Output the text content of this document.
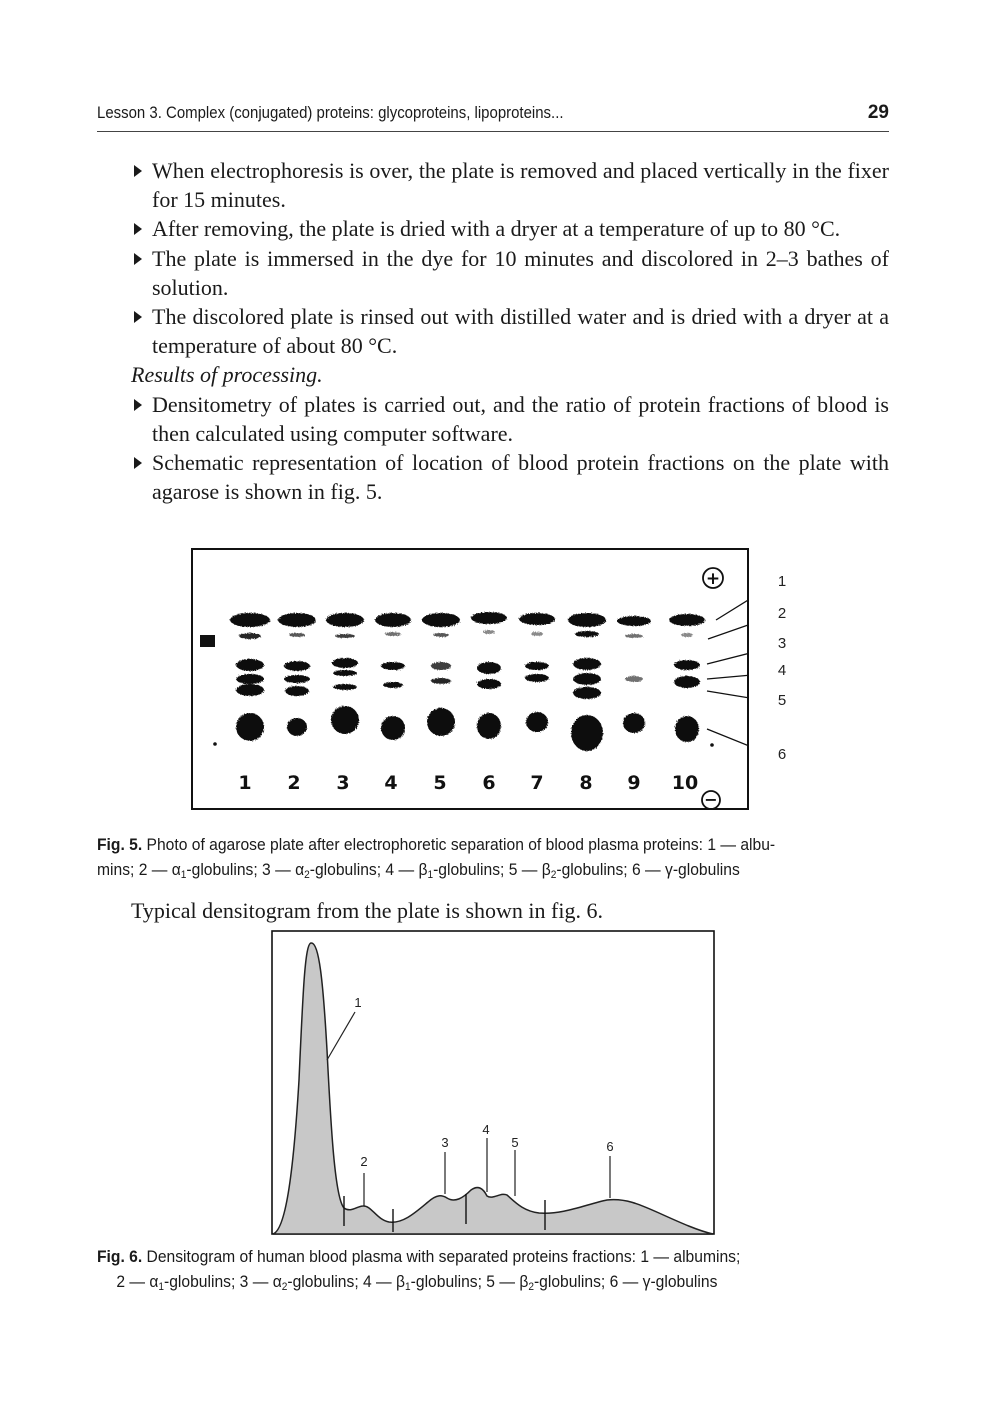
Lesson 3. Complex (conjugated) proteins: glycoproteins, lipoproteins...	29
When electrophoresis is over, the plate is removed and placed vertically in the fixer for 15 minutes.
After removing, the plate is dried with a dryer at a temperature of up to 80 °C.
The plate is immersed in the dye for 10 minutes and discolored in 2–3 bathes of solution.
The discolored plate is rinsed out with distilled water and is dried with a dryer at a temperature of about 80 °C.
Results of processing.
Densitometry of plates is carried out, and the ratio of protein fractions of blood is then calculated using computer software.
Schematic representation of location of blood protein fractions on the plate with agarose is shown in fig. 5.
+
−
1 2 3 4 5 6 7 8 9 10
1
2
3
4
5
6
Fig. 5. Photo of agarose plate after electrophoretic separation of blood plasma proteins: 1 — albu-
mins; 2 — $\alpha_1$-globulins; 3 — $\alpha_2$-globulins; 4 — $\beta_1$-globulins; 5 — $\beta_2$-globulins; 6 — γ-globulins
Typical densitogram from the plate is shown in fig. 6.
1
2
3
4
5	6
Fig. 6. Densitogram of human blood plasma with separated proteins fractions: 1 — albumins;
2 — $\alpha_1$-globulins; 3 — $\alpha_2$-globulins; 4 — $\beta_1$-globulins; 5 — $\beta_2$-globulins; 6 — γ-globulins
